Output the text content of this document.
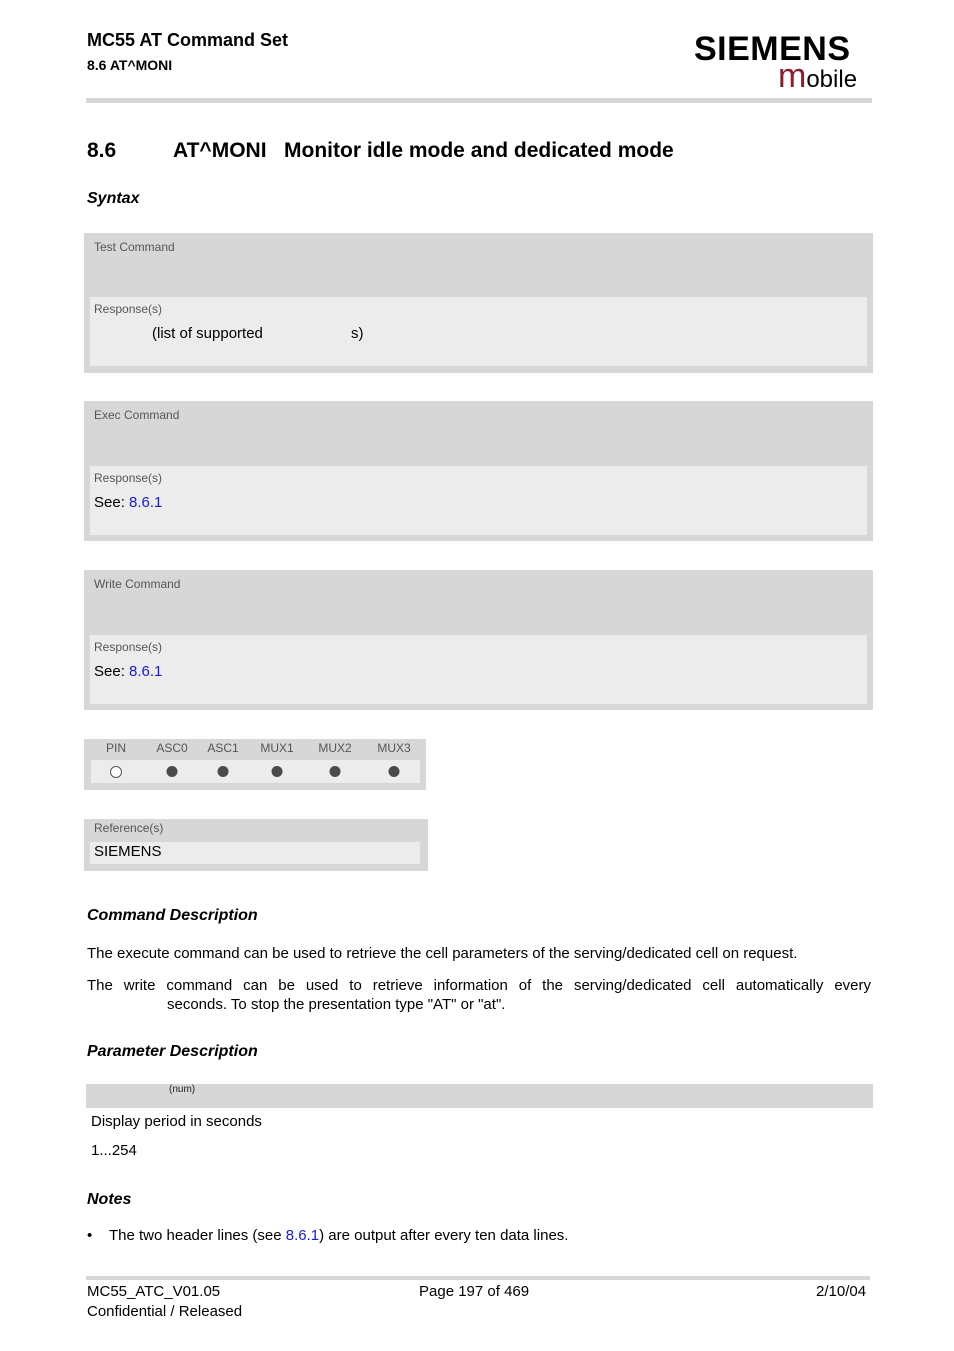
MC55 AT Command Set
8.6 AT^MONI	SIEMENS
mobile
8.6	AT^MONI   Monitor idle mode and dedicated mode
Syntax
Test Command
Response(s)
(list of supported	s)
Exec Command
Response(s)
See: 8.6.1
Write Command
Response(s)
See: 8.6.1
PIN	ASC0 ASC1 MUX1 MUX2 MUX3
Reference(s)
SIEMENS
Command Description
The execute command can be used to retrieve the cell parameters of the serving/dedicated cell on request.
The write command can be used to retrieve information of the serving/dedicated cell automatically every
seconds. To stop the presentation type "AT" or "at".
Parameter Description
(num)
Display period in seconds
1...254
Notes
• The two header lines (see 8.6.1) are output after every ten data lines.
MC55_ATC_V01.05
Confidential / Released
Page 197 of 469	2/10/04
